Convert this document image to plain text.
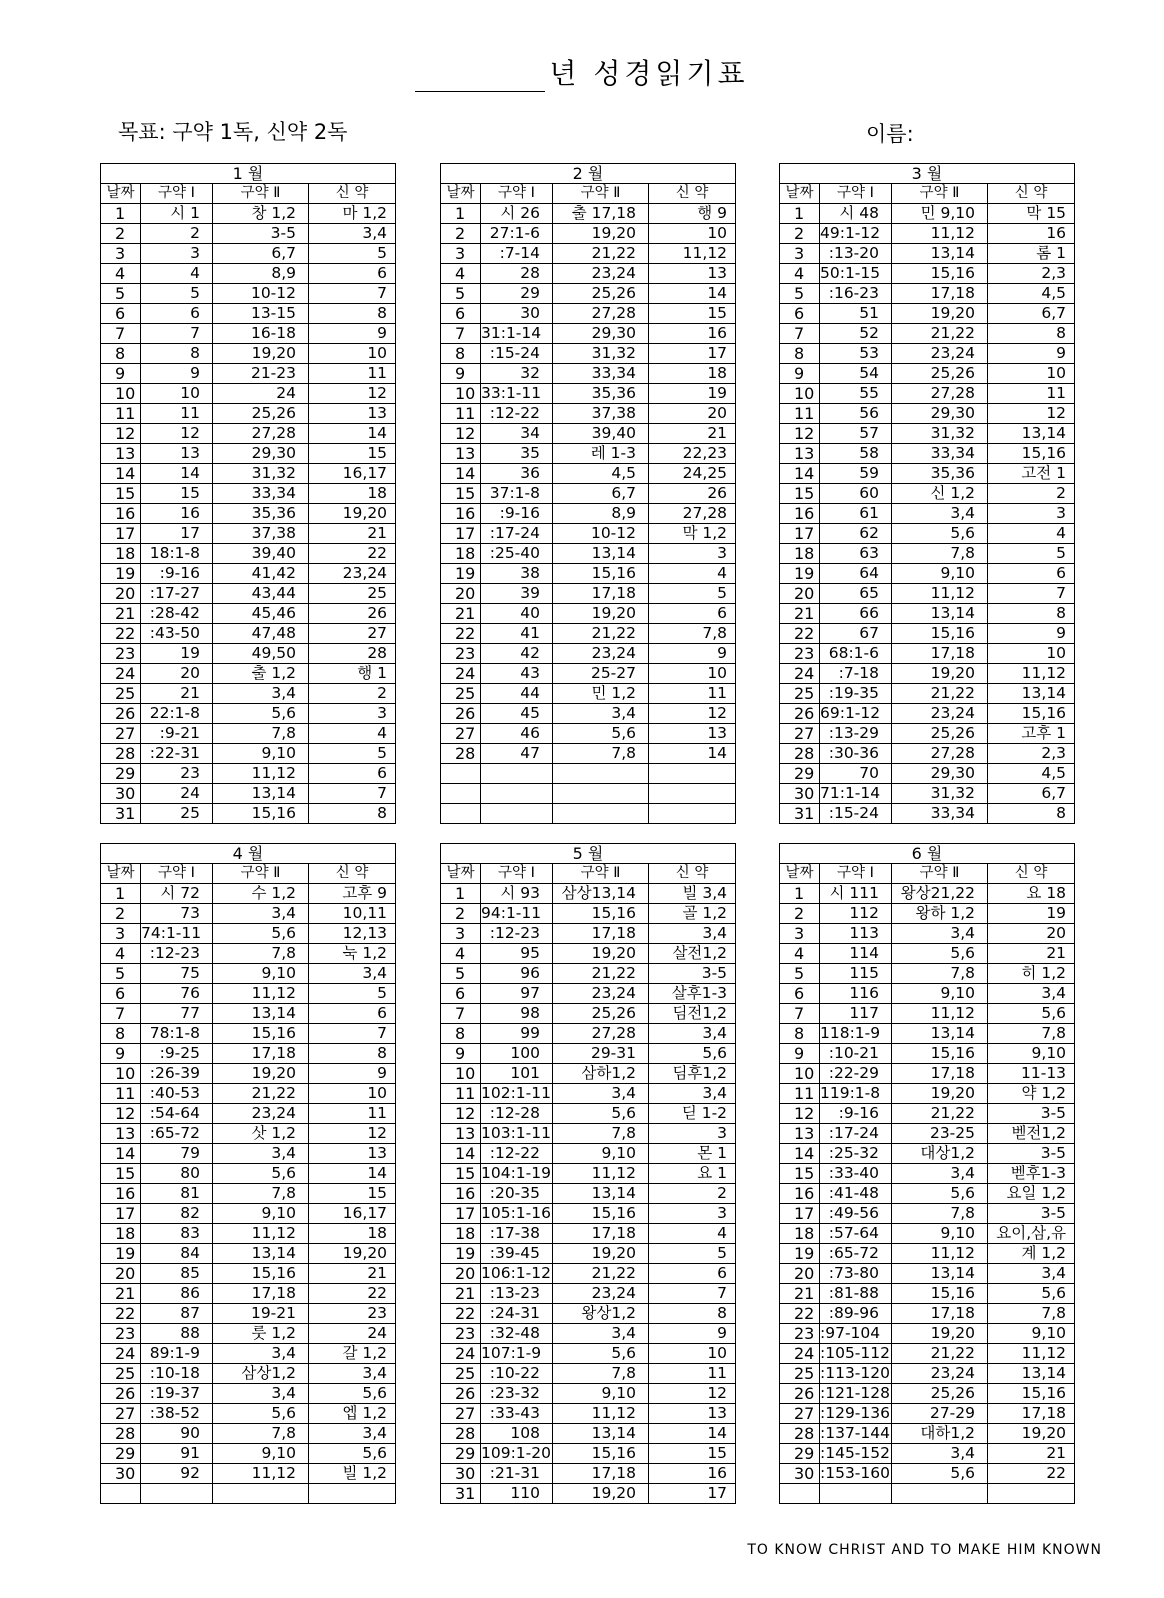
년 성경읽기표
목표: 구약 1독, 신약 2독	이름:
1 월			
날짜	구약 Ⅰ	구약 Ⅱ	신 약
1	시 1	창 1,2	마 1,2
2	2	3-5	3,4
3	3	6,7	5
4	4	8,9	6
5	5	10-12	7
6	6	13-15	8
7	7	16-18	9
8	8	19,20	10
9	9	21-23	11
10	10	24	12
11	11	25,26	13
12	12	27,28	14
13	13	29,30	15
14	14	31,32	16,17
15	15	33,34	18
16	16	35,36	19,20
17	17	37,38	21
18	18:1-8	39,40	22
19	:9-16	41,42	23,24
20	:17-27	43,44	25
21	:28-42	45,46	26
22	:43-50	47,48	27
23	19	49,50	28
24	20	출 1,2	행 1
25	21	3,4	2
26	22:1-8	5,6	3
27	:9-21	7,8	4
28	:22-31	9,10	5
29	23	11,12	6
30	24	13,14	7
31	25	15,16	8
2 월			
날짜	구약 Ⅰ	구약 Ⅱ	신 약
1	시 26	출 17,18	행 9
2	27:1-6	19,20	10
3	:7-14	21,22	11,12
4	28	23,24	13
5	29	25,26	14
6	30	27,28	15
7	31:1-14	29,30	16
8	:15-24	31,32	17
9	32	33,34	18
10	33:1-11	35,36	19
11	:12-22	37,38	20
12	34	39,40	21
13	35	레 1-3	22,23
14	36	4,5	24,25
15	37:1-8	6,7	26
16	:9-16	8,9	27,28
17	:17-24	10-12	막 1,2
18	:25-40	13,14	3
19	38	15,16	4
20	39	17,18	5
21	40	19,20	6
22	41	21,22	7,8
23	42	23,24	9
24	43	25-27	10
25	44	민 1,2	11
26	45	3,4	12
27	46	5,6	13
28	47	7,8	14

3 월			
날짜	구약 Ⅰ	구약 Ⅱ	신 약
1	시 48	민 9,10	막 15
2	49:1-12	11,12	16
3	:13-20	13,14	롬 1
4	50:1-15	15,16	2,3
5	:16-23	17,18	4,5
6	51	19,20	6,7
7	52	21,22	8
8	53	23,24	9
9	54	25,26	10
10	55	27,28	11
11	56	29,30	12
12	57	31,32	13,14
13	58	33,34	15,16
14	59	35,36	고전 1
15	60	신 1,2	2
16	61	3,4	3
17	62	5,6	4
18	63	7,8	5
19	64	9,10	6
20	65	11,12	7
21	66	13,14	8
22	67	15,16	9
23	68:1-6	17,18	10
24	:7-18	19,20	11,12
25	:19-35	21,22	13,14
26	69:1-12	23,24	15,16
27	:13-29	25,26	고후 1
28	:30-36	27,28	2,3
29	70	29,30	4,5
30	71:1-14	31,32	6,7
31	:15-24	33,34	8
4 월			
날짜	구약 Ⅰ	구약 Ⅱ	신 약
1	시 72	수 1,2	고후 9
2	73	3,4	10,11
3	74:1-11	5,6	12,13
4	:12-23	7,8	눅 1,2
5	75	9,10	3,4
6	76	11,12	5
7	77	13,14	6
8	78:1-8	15,16	7
9	:9-25	17,18	8
10	:26-39	19,20	9
11	:40-53	21,22	10
12	:54-64	23,24	11
13	:65-72	삿 1,2	12
14	79	3,4	13
15	80	5,6	14
16	81	7,8	15
17	82	9,10	16,17
18	83	11,12	18
19	84	13,14	19,20
20	85	15,16	21
21	86	17,18	22
22	87	19-21	23
23	88	룻 1,2	24
24	89:1-9	3,4	갈 1,2
25	:10-18	삼상1,2	3,4
26	:19-37	3,4	5,6
27	:38-52	5,6	엡 1,2
28	90	7,8	3,4
29	91	9,10	5,6
30	92	11,12	빌 1,2

5 월			
날짜	구약 Ⅰ	구약 Ⅱ	신 약
1	시 93	삼상13,14	빌 3,4
2	94:1-11	15,16	골 1,2
3	:12-23	17,18	3,4
4	95	19,20	살전1,2
5	96	21,22	3-5
6	97	23,24	살후1-3
7	98	25,26	딤전1,2
8	99	27,28	3,4
9	100	29-31	5,6
10	101	삼하1,2	딤후1,2
11	102:1-11	3,4	3,4
12	:12-28	5,6	딛 1-2
13	103:1-11	7,8	3
14	:12-22	9,10	몬 1
15	104:1-19	11,12	요 1
16	:20-35	13,14	2
17	105:1-16	15,16	3
18	:17-38	17,18	4
19	:39-45	19,20	5
20	106:1-12	21,22	6
21	:13-23	23,24	7
22	:24-31	왕상1,2	8
23	:32-48	3,4	9
24	107:1-9	5,6	10
25	:10-22	7,8	11
26	:23-32	9,10	12
27	:33-43	11,12	13
28	108	13,14	14
29	109:1-20	15,16	15
30	:21-31	17,18	16
31	110	19,20	17
6 월			
날짜	구약 Ⅰ	구약 Ⅱ	신 약
1	시 111	왕상21,22	요 18
2	112	왕하 1,2	19
3	113	3,4	20
4	114	5,6	21
5	115	7,8	히 1,2
6	116	9,10	3,4
7	117	11,12	5,6
8	118:1-9	13,14	7,8
9	:10-21	15,16	9,10
10	:22-29	17,18	11-13
11	119:1-8	19,20	약 1,2
12	:9-16	21,22	3-5
13	:17-24	23-25	벧전1,2
14	:25-32	대상1,2	3-5
15	:33-40	3,4	벧후1-3
16	:41-48	5,6	요일 1,2
17	:49-56	7,8	3-5
18	:57-64	9,10	요이,삼,유
19	:65-72	11,12	계 1,2
20	:73-80	13,14	3,4
21	:81-88	15,16	5,6
22	:89-96	17,18	7,8
23	:97-104	19,20	9,10
24	:105-112	21,22	11,12
25	:113-120	23,24	13,14
26	:121-128	25,26	15,16
27	:129-136	27-29	17,18
28	:137-144	대하1,2	19,20
29	:145-152	3,4	21
30	:153-160	5,6	22

TO KNOW CHRIST AND TO MAKE HIM KNOWN
